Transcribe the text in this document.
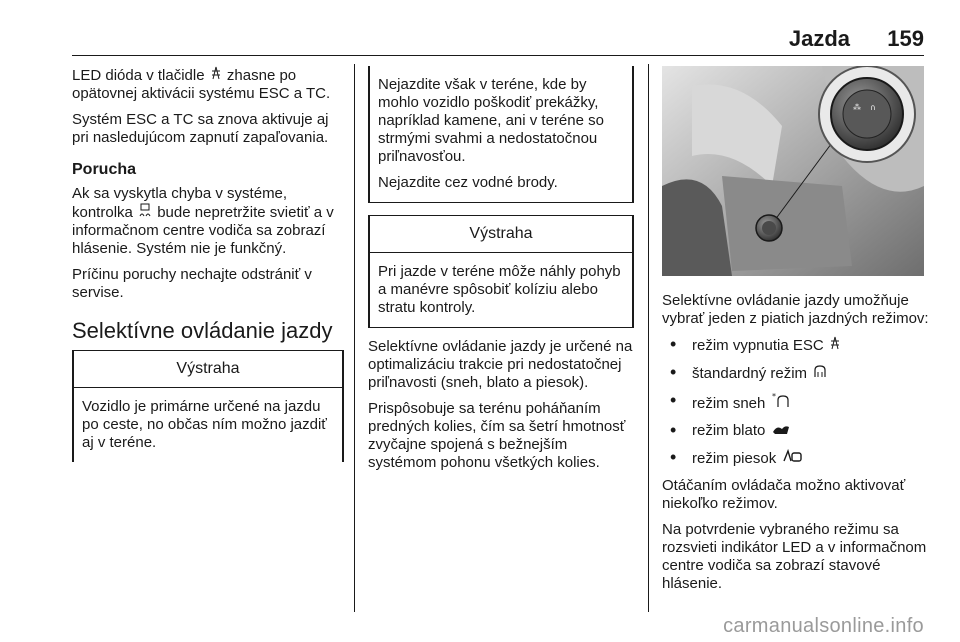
Jazda 159

LED dióda v tlačidle zhasne po opätovnej aktivácii systému ESC a TC.

Systém ESC a TC sa znova aktivuje aj pri nasledujúcom zapnutí zapaľovania.

Porucha

Ak sa vyskytla chyba v systéme, kontrolka bude nepretržite svietiť a v informačnom centre vodiča sa zobrazí hlásenie. Systém nie je funkčný.

Príčinu poruchy nechajte odstrániť v servise.

Selektívne ovládanie jazdy
Výstraha

Vozidlo je primárne určené na jazdu po ceste, no občas ním možno jazdiť aj v teréne.

Nejazdite však v teréne, kde by mohlo vozidlo poškodiť prekážky, napríklad kamene, ani v teréne so strmými svahmi a nedostatočnou priľnavosťou.

Nejazdite cez vodné brody.

Výstraha

Pri jazde v teréne môže náhly pohyb a manévre spôsobiť kolíziu alebo stratu kontroly.

Selektívne ovládanie jazdy je určené na optimalizáciu trakcie pri nedostatočnej priľnavosti (sneh, blato a piesok).

Prispôsobuje sa terénu poháňaním predných kolies, čím sa šetrí hmotnosť zvyčajne spojená s bežnejším systémom pohonu všetkých kolies.

⁂ ∩

Selektívne ovládanie jazdy umožňuje vybrať jeden z piatich jazdných režimov:

• režim vypnutia ESC
• štandardný režim
• režim sneh *
• režim blato
• režim piesok

Otáčaním ovládača možno aktivovať niekoľko režimov.

Na potvrdenie vybraného režimu sa rozsvieti indikátor LED a v informačnom centre vodiča sa zobrazí stavové hlásenie.

carmanualsonline.info
